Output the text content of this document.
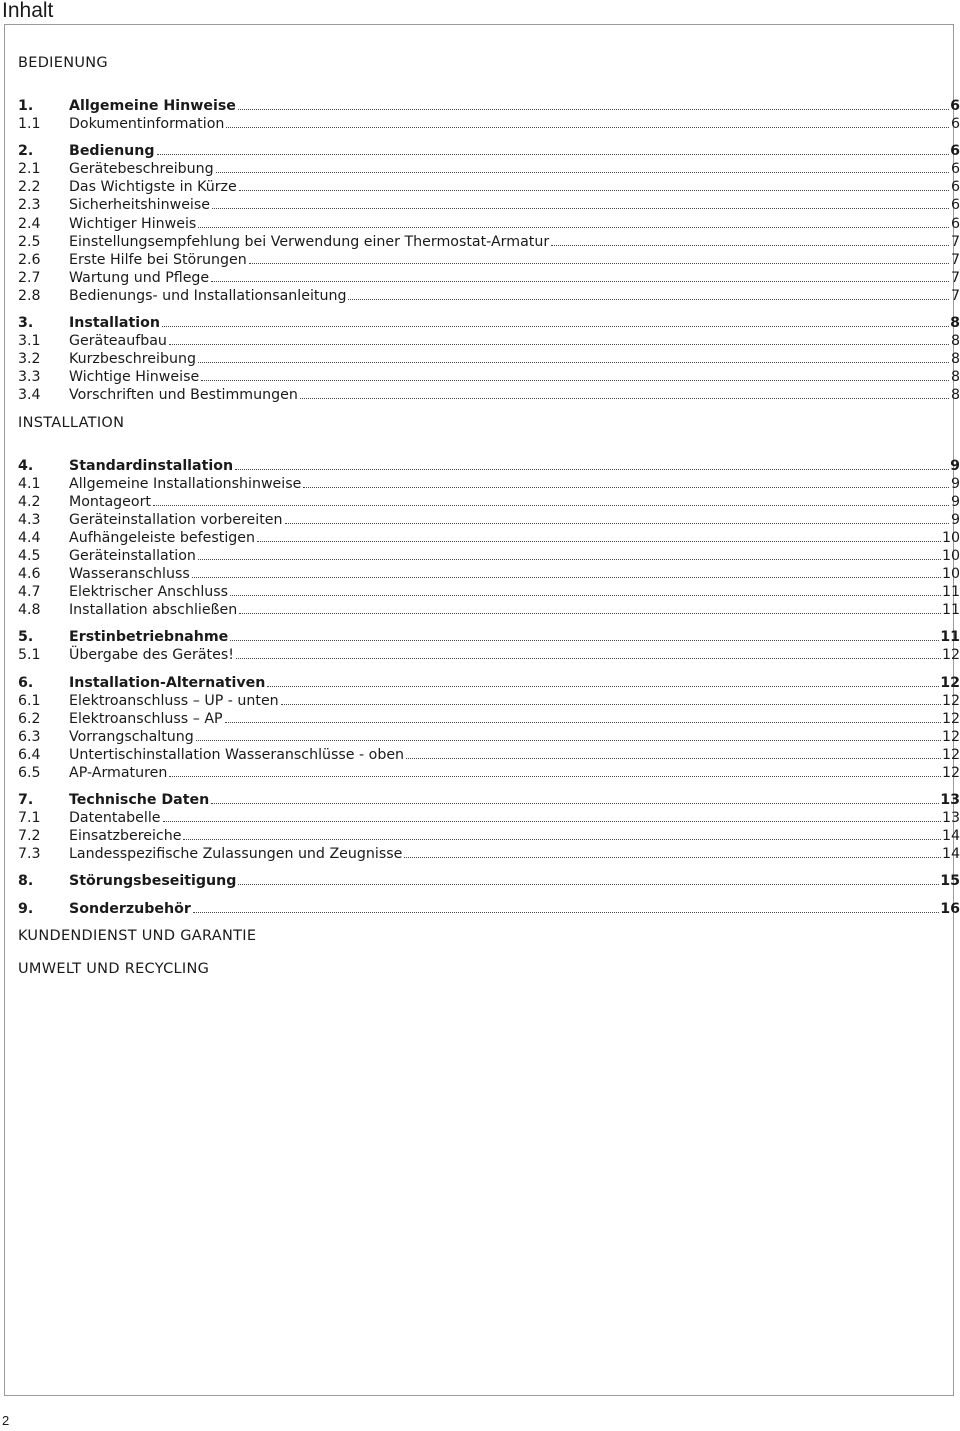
Inhalt
BEDIENUNG
1.	Allgemeine Hinweise	6
1.1	Dokumentinformation	6
2.	Bedienung	6
2.1	Gerätebeschreibung	6
2.2	Das Wichtigste in Kürze	6
2.3	Sicherheitshinweise	6
2.4	Wichtiger Hinweis	6
2.5	Einstellungsempfehlung bei Verwendung einer Thermostat-Armatur	7
2.6	Erste Hilfe bei Störungen	7
2.7	Wartung und Pflege	7
2.8	Bedienungs- und Installationsanleitung	7
3.	Installation	8
3.1	Geräteaufbau	8
3.2	Kurzbeschreibung	8
3.3	Wichtige Hinweise	8
3.4	Vorschriften und Bestimmungen	8
INSTALLATION
4.	Standardinstallation	9
4.1	Allgemeine Installationshinweise	9
4.2	Montageort	9
4.3	Geräteinstallation vorbereiten	9
4.4	Aufhängeleiste befestigen	10
4.5	Geräteinstallation	10
4.6	Wasseranschluss	10
4.7	Elektrischer Anschluss	11
4.8	Installation abschließen	11
5.	Erstinbetriebnahme	11
5.1	Übergabe des Gerätes!	12
6.	Installation-Alternativen	12
6.1	Elektroanschluss – UP - unten	12
6.2	Elektroanschluss – AP	12
6.3	Vorrangschaltung	12
6.4	Untertischinstallation Wasseranschlüsse - oben	12
6.5	AP-Armaturen	12
7.	Technische Daten	13
7.1	Datentabelle	13
7.2	Einsatzbereiche	14
7.3	Landesspezifische Zulassungen und Zeugnisse	14
8.	Störungsbeseitigung	15
9.	Sonderzubehör	16
KUNDENDIENST UND GARANTIE
UMWELT UND RECYCLING
2
